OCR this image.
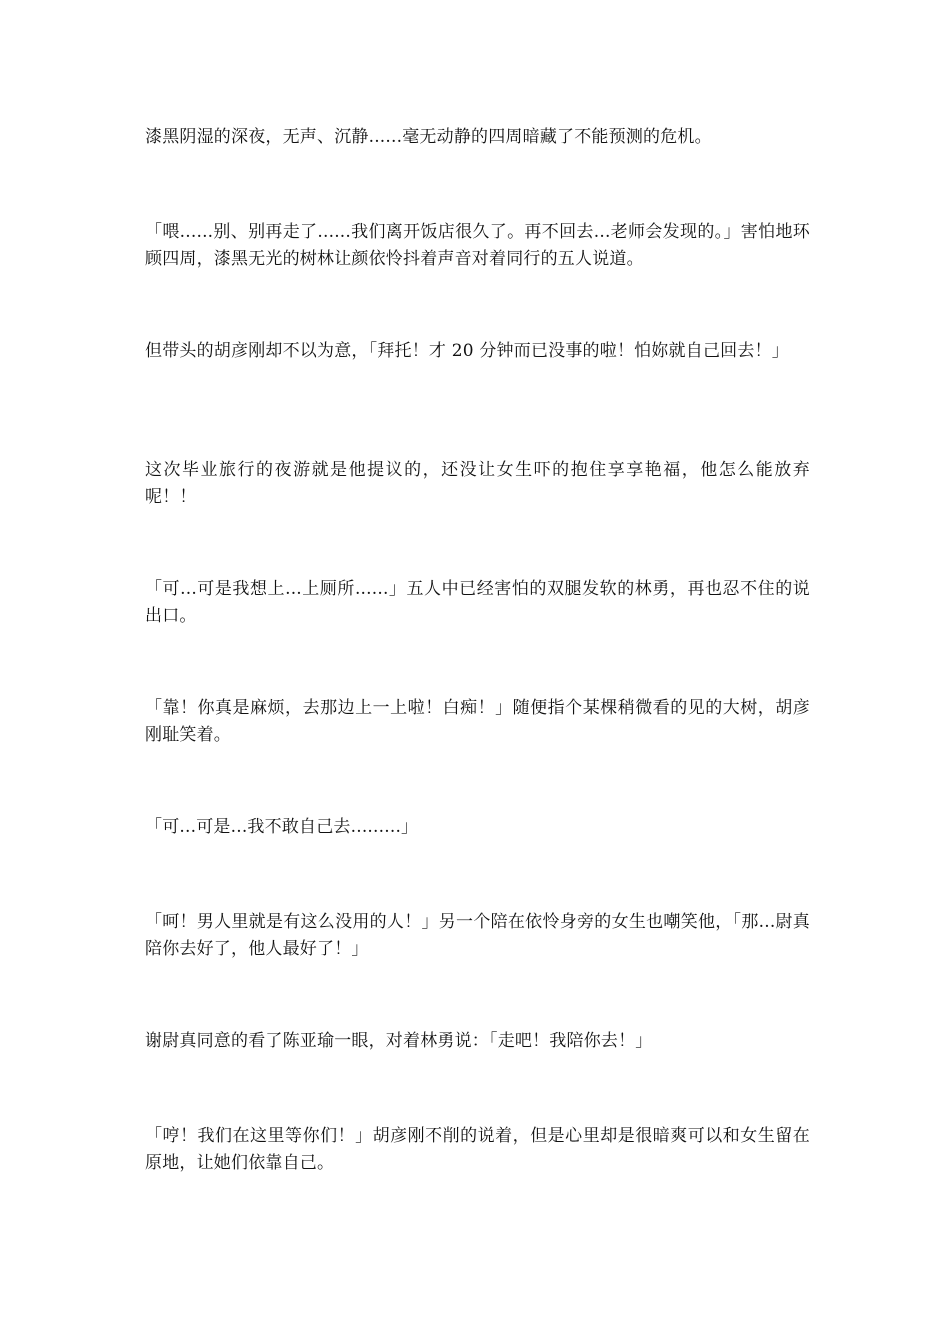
漆黑阴湿的深夜，无声、沉静......毫无动静的四周暗藏了不能预测的危机。

「喂......别、别再走了......我们离开饭店很久了。再不回去...老师会发现的。」害怕地环顾四周，漆黑无光的树林让颜依怜抖着声音对着同行的五人说道。

但带头的胡彦刚却不以为意，「拜托！才 20 分钟而已没事的啦！怕妳就自己回去！」

这次毕业旅行的夜游就是他提议的，还没让女生吓的抱住享享艳福，他怎么能放弃呢！！

「可...可是我想上...上厕所......」五人中已经害怕的双腿发软的林勇，再也忍不住的说出口。

「靠！你真是麻烦，去那边上一上啦！白痴！」随便指个某棵稍微看的见的大树，胡彦刚耻笑着。

「可...可是...我不敢自己去.........」

「呵！男人里就是有这么没用的人！」另一个陪在依怜身旁的女生也嘲笑他，「那...尉真陪你去好了，他人最好了！」

谢尉真同意的看了陈亚瑜一眼，对着林勇说：「走吧！我陪你去！」

「哼！我们在这里等你们！」胡彦刚不削的说着，但是心里却是很暗爽可以和女生留在原地，让她们依靠自己。
